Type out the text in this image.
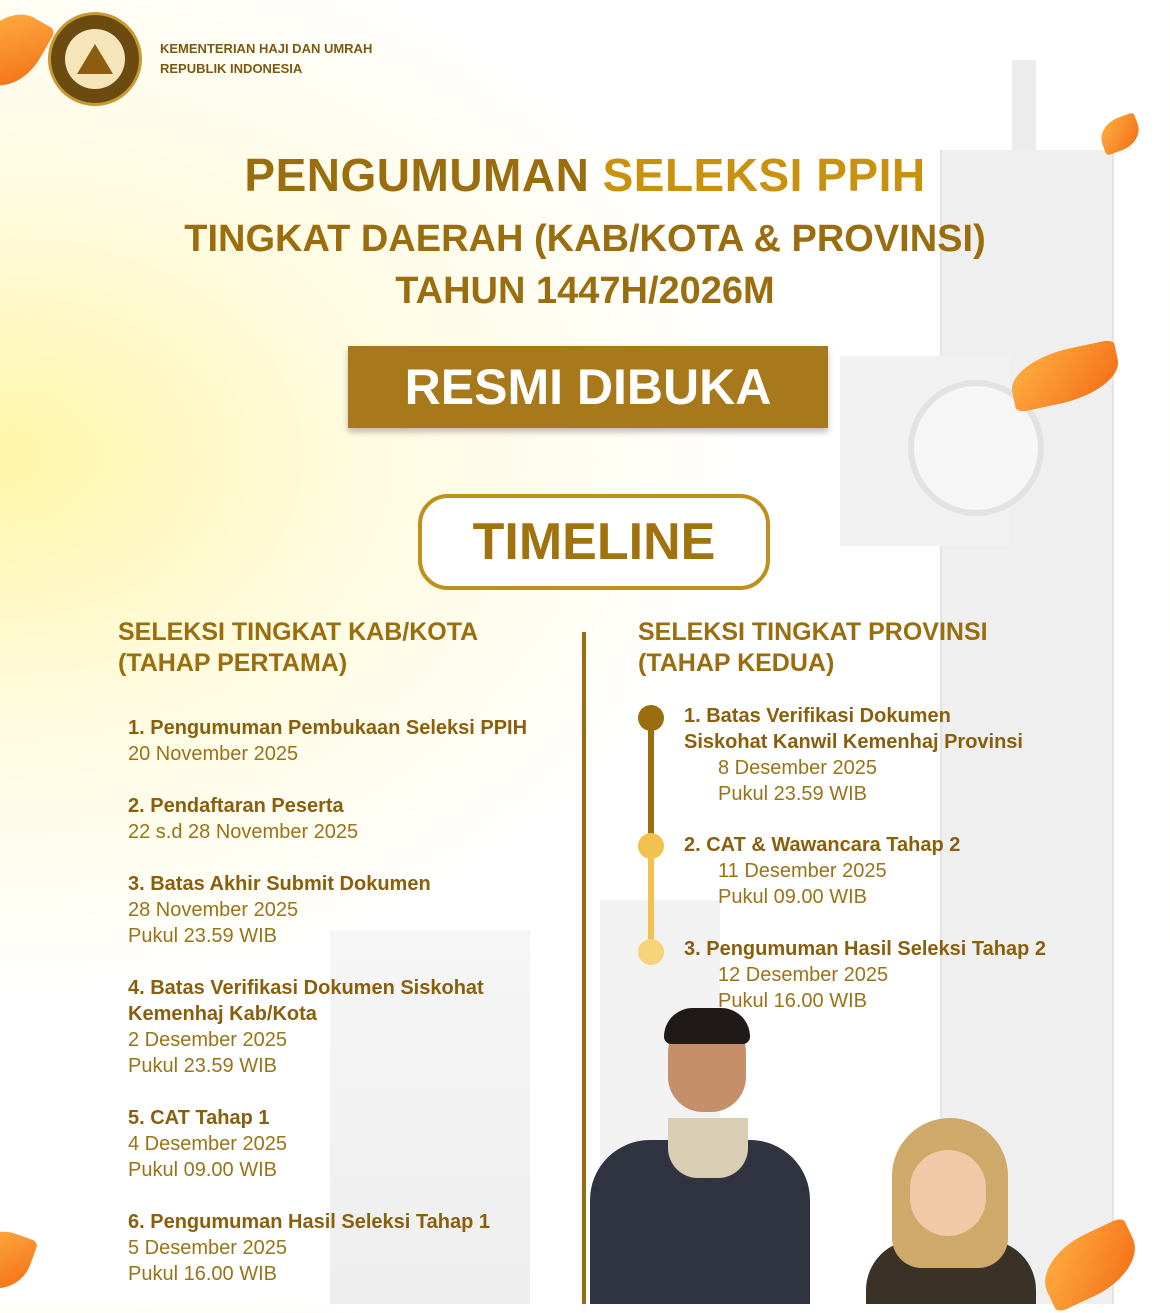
KEMENTERIAN HAJI DAN UMRAH
REPUBLIK INDONESIA
PENGUMUMAN SELEKSI PPIH
TINGKAT DAERAH (KAB/KOTA & PROVINSI)
TAHUN 1447H/2026M
RESMI DIBUKA
TIMELINE
SELEKSI TINGKAT KAB/KOTA
(TAHAP PERTAMA)
SELEKSI TINGKAT PROVINSI
(TAHAP KEDUA)
1. Pengumuman Pembukaan Seleksi PPIH
20 November 2025
2. Pendaftaran Peserta
22 s.d 28 November 2025
3. Batas Akhir Submit Dokumen
28 November 2025
Pukul 23.59 WIB
4. Batas Verifikasi Dokumen Siskohat
Kemenhaj Kab/Kota
2 Desember 2025
Pukul 23.59 WIB
5. CAT Tahap 1
4 Desember 2025
Pukul 09.00 WIB
6. Pengumuman Hasil Seleksi Tahap 1
5 Desember 2025
Pukul 16.00 WIB
1. Batas Verifikasi Dokumen
Siskohat Kanwil Kemenhaj Provinsi
8 Desember 2025
Pukul 23.59 WIB
2. CAT & Wawancara Tahap 2
11 Desember 2025
Pukul 09.00 WIB
3. Pengumuman Hasil Seleksi Tahap 2
12 Desember 2025
Pukul 16.00 WIB
